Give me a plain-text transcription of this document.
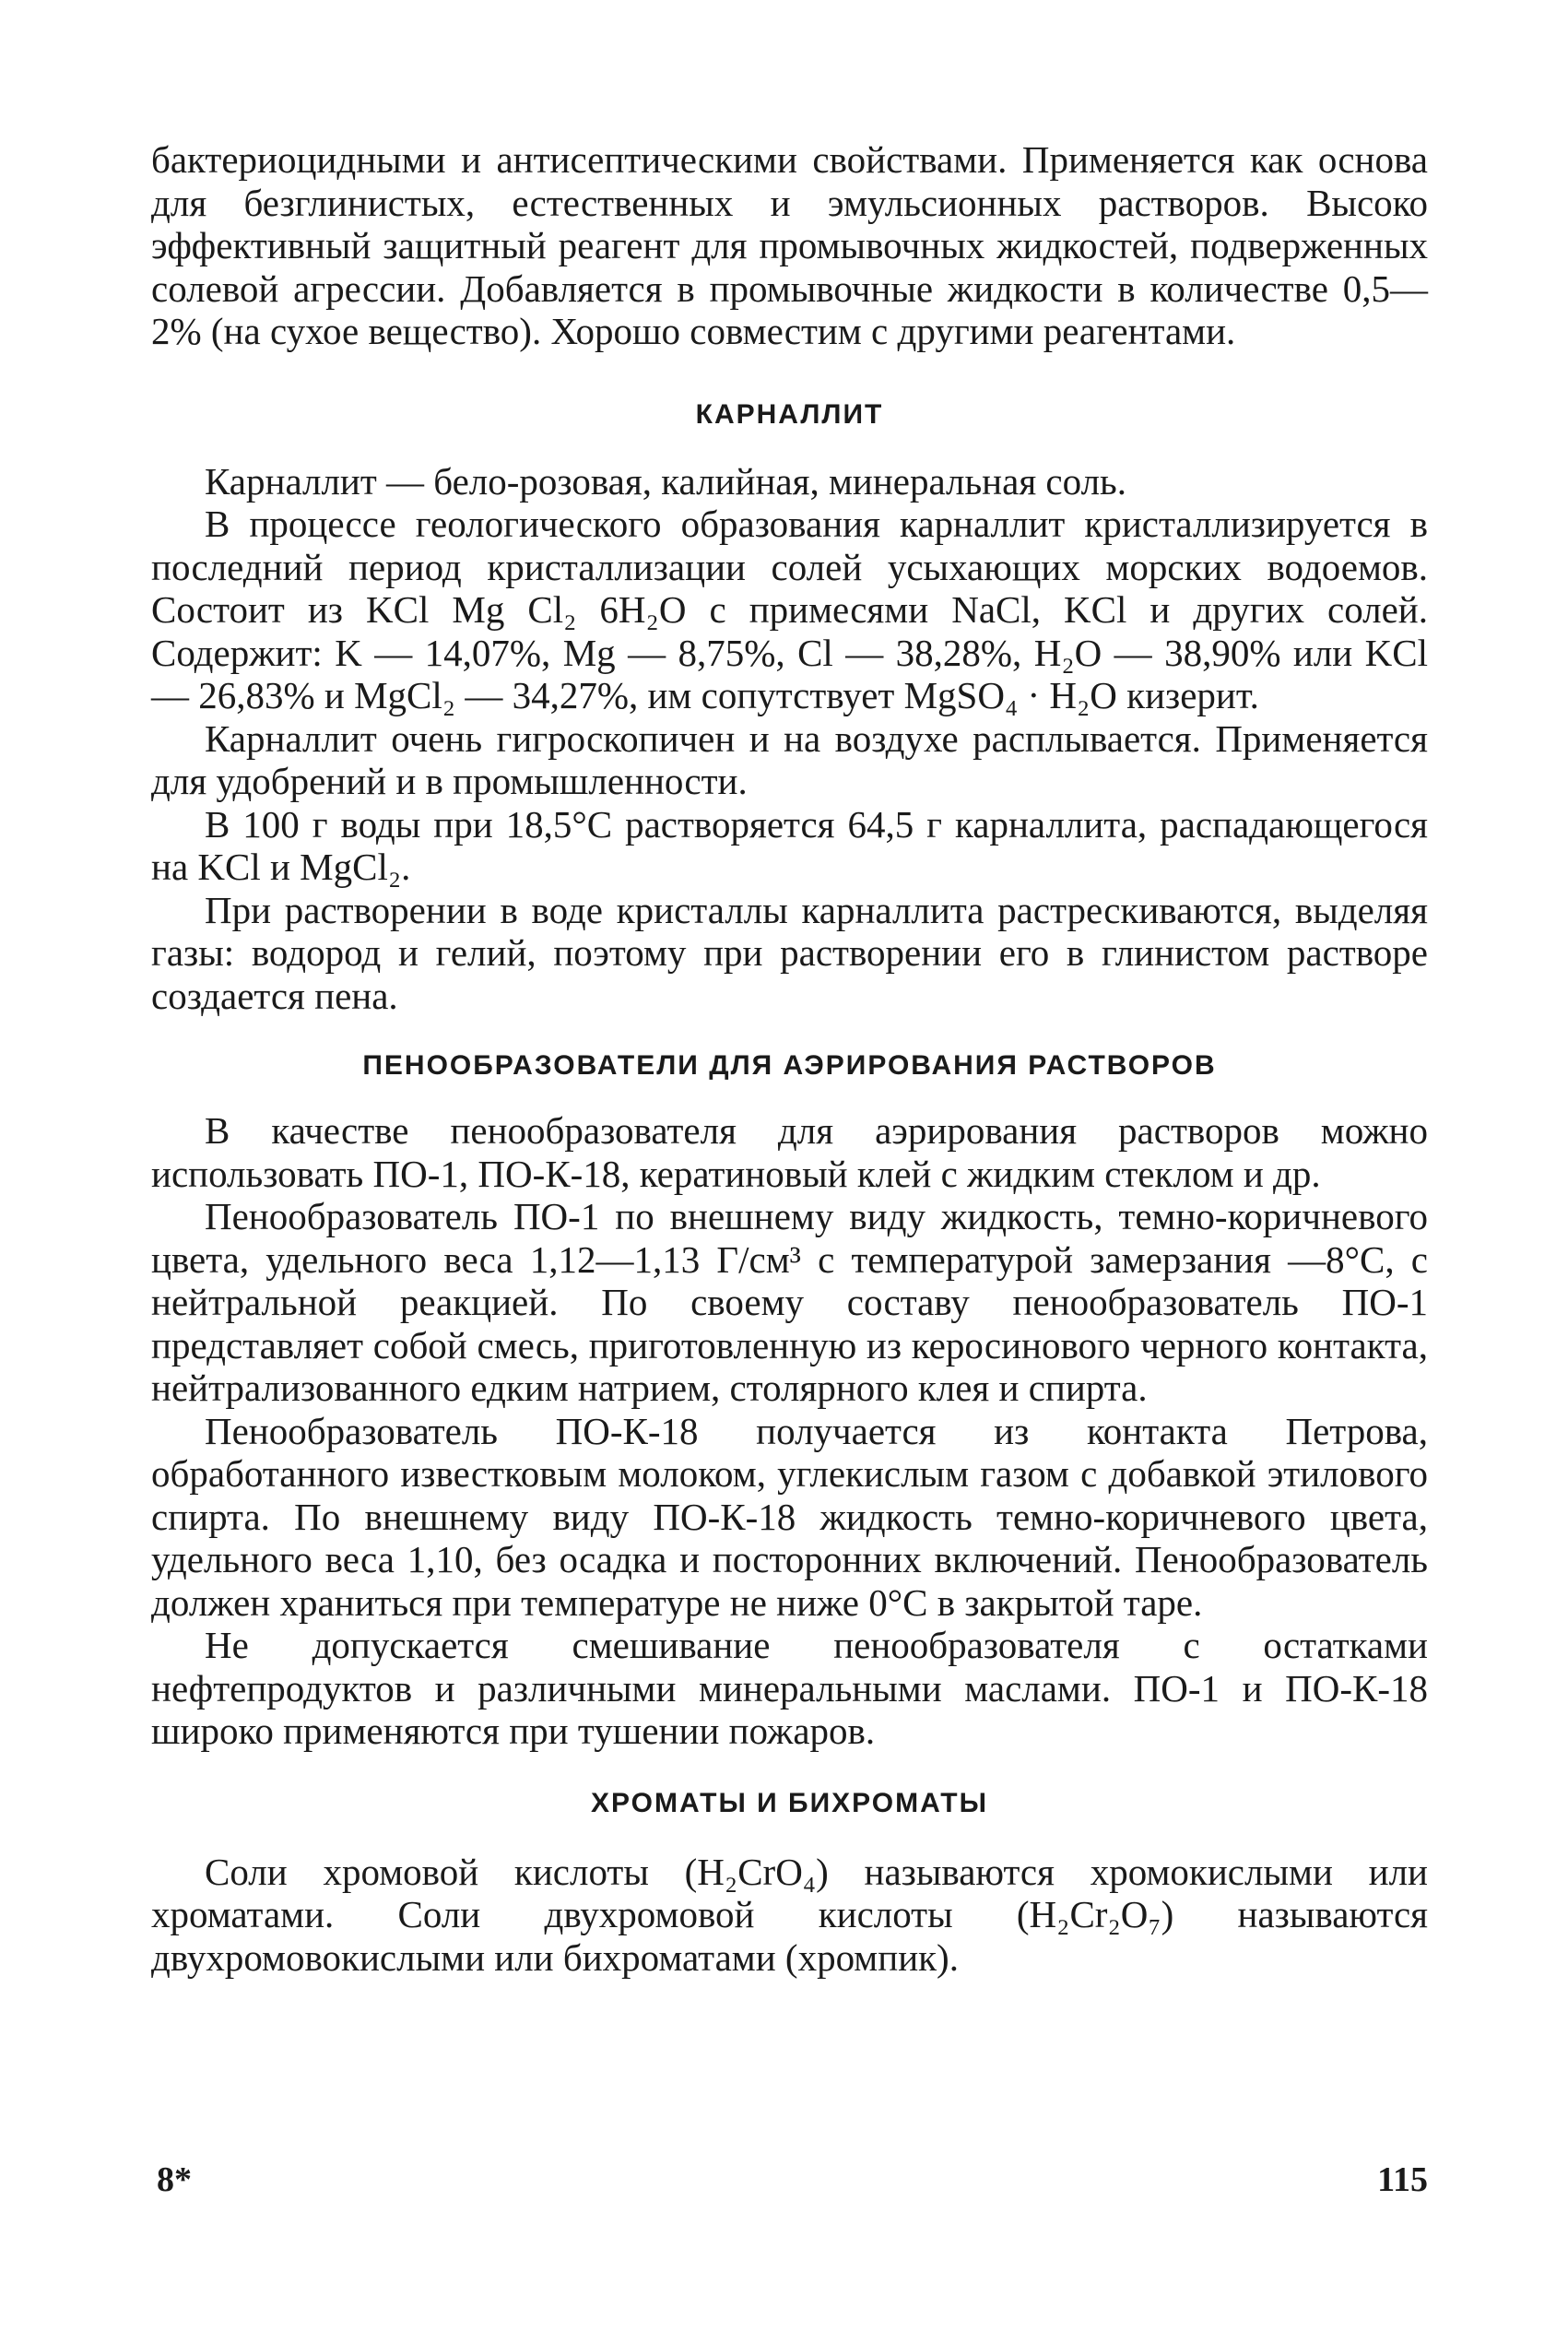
бактериоцидными и антисептическими свойствами. Применяется как основа для безглинистых, естественных и эмульсионных растворов. Высоко эффективный защитный реагент для промывочных жидкостей, подверженных солевой агрессии. Добавляется в промывочные жидкости в количестве 0,5—2% (на сухое вещество). Хорошо совместим с другими реагентами.

КАРНАЛЛИТ

Карналлит — бело-розовая, калийная, минеральная соль.

В процессе геологического образования карналлит кристаллизируется в последний период кристаллизации солей усыхающих морских водоемов. Состоит из KCl Mg Cl₂ 6H₂O с примесями NaCl, KCl и других солей. Содержит: K — 14,07%, Mg — 8,75%, Cl — 38,28%, H₂O — 38,90% или KCl — 26,83% и MgCl₂ — 34,27%, им сопутствует MgSO₄ · H₂O кизерит.

Карналлит очень гигроскопичен и на воздухе расплывается. Применяется для удобрений и в промышленности.

В 100 г воды при 18,5°С растворяется 64,5 г карналлита, распадающегося на KCl и MgCl₂.

При растворении в воде кристаллы карналлита растрескиваются, выделяя газы: водород и гелий, поэтому при растворении его в глинистом растворе создается пена.

ПЕНООБРАЗОВАТЕЛИ ДЛЯ АЭРИРОВАНИЯ РАСТВОРОВ

В качестве пенообразователя для аэрирования растворов можно использовать ПО-1, ПО-К-18, кератиновый клей с жидким стеклом и др.

Пенообразователь ПО-1 по внешнему виду жидкость, темно-коричневого цвета, удельного веса 1,12—1,13 Г/см³ с температурой замерзания —8°С, с нейтральной реакцией. По своему составу пенообразователь ПО-1 представляет собой смесь, приготовленную из керосинового черного контакта, нейтрализованного едким натрием, столярного клея и спирта.

Пенообразователь ПО-К-18 получается из контакта Петрова, обработанного известковым молоком, углекислым газом с добавкой этилового спирта. По внешнему виду ПО-К-18 жидкость темно-коричневого цвета, удельного веса 1,10, без осадка и посторонних включений. Пенообразователь должен храниться при температуре не ниже 0°С в закрытой таре.

Не допускается смешивание пенообразователя с остатками нефтепродуктов и различными минеральными маслами. ПО-1 и ПО-К-18 широко применяются при тушении пожаров.

ХРОМАТЫ И БИХРОМАТЫ

Соли хромовой кислоты (H₂CrO₄) называются хромокислыми или хроматами. Соли двухромовой кислоты (H₂Cr₂O₇) называются двухромовокислыми или бихроматами (хромпик).

8*	115
